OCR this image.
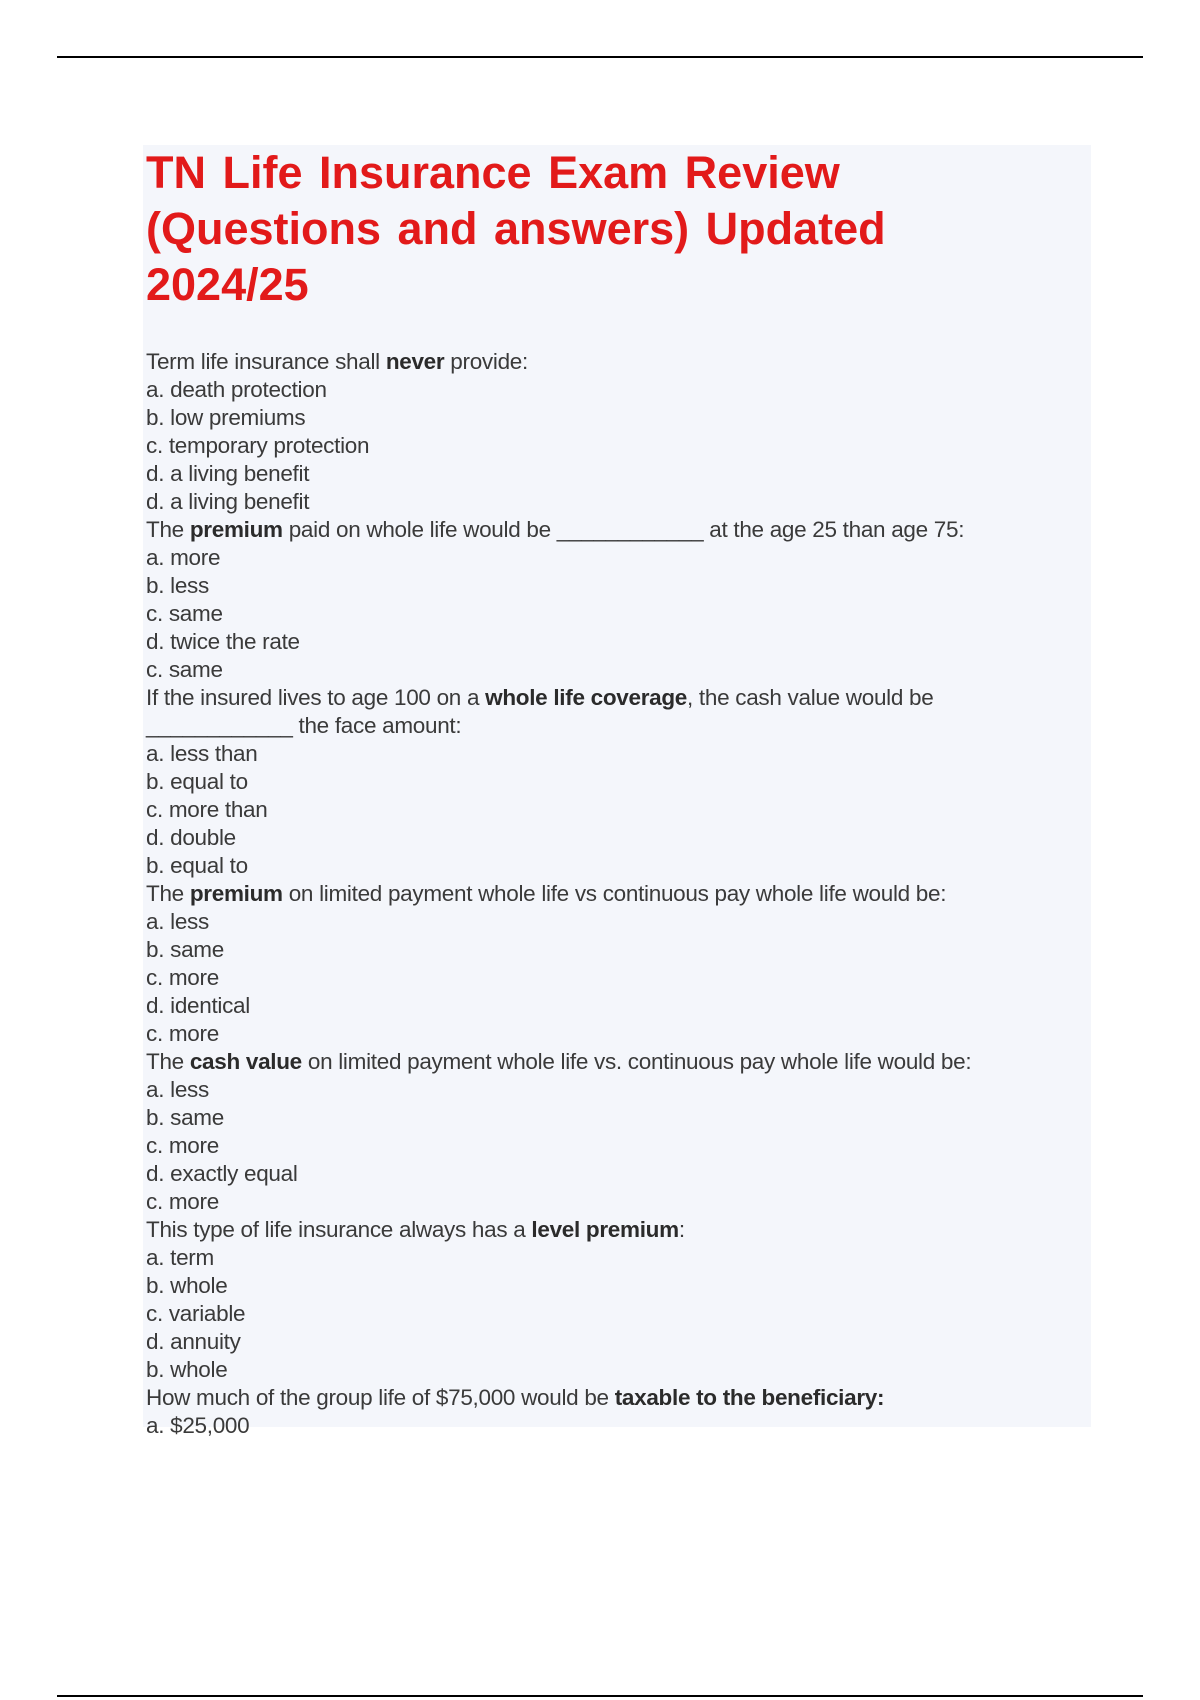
TN Life Insurance Exam Review (Questions and answers) Updated 2024/25
Term life insurance shall never provide:
a. death protection
b. low premiums
c. temporary protection
d. a living benefit
d. a living benefit
The premium paid on whole life would be ____________ at the age 25 than age 75:
a. more
b. less
c. same
d. twice the rate
c. same
If the insured lives to age 100 on a whole life coverage, the cash value would be
____________ the face amount:
a. less than
b. equal to
c. more than
d. double
b. equal to
The premium on limited payment whole life vs continuous pay whole life would be:
a. less
b. same
c. more
d. identical
c. more
The cash value on limited payment whole life vs. continuous pay whole life would be:
a. less
b. same
c. more
d. exactly equal
c. more
This type of life insurance always has a level premium:
a. term
b. whole
c. variable
d. annuity
b. whole
How much of the group life of $75,000 would be taxable to the beneficiary:
a. $25,000
